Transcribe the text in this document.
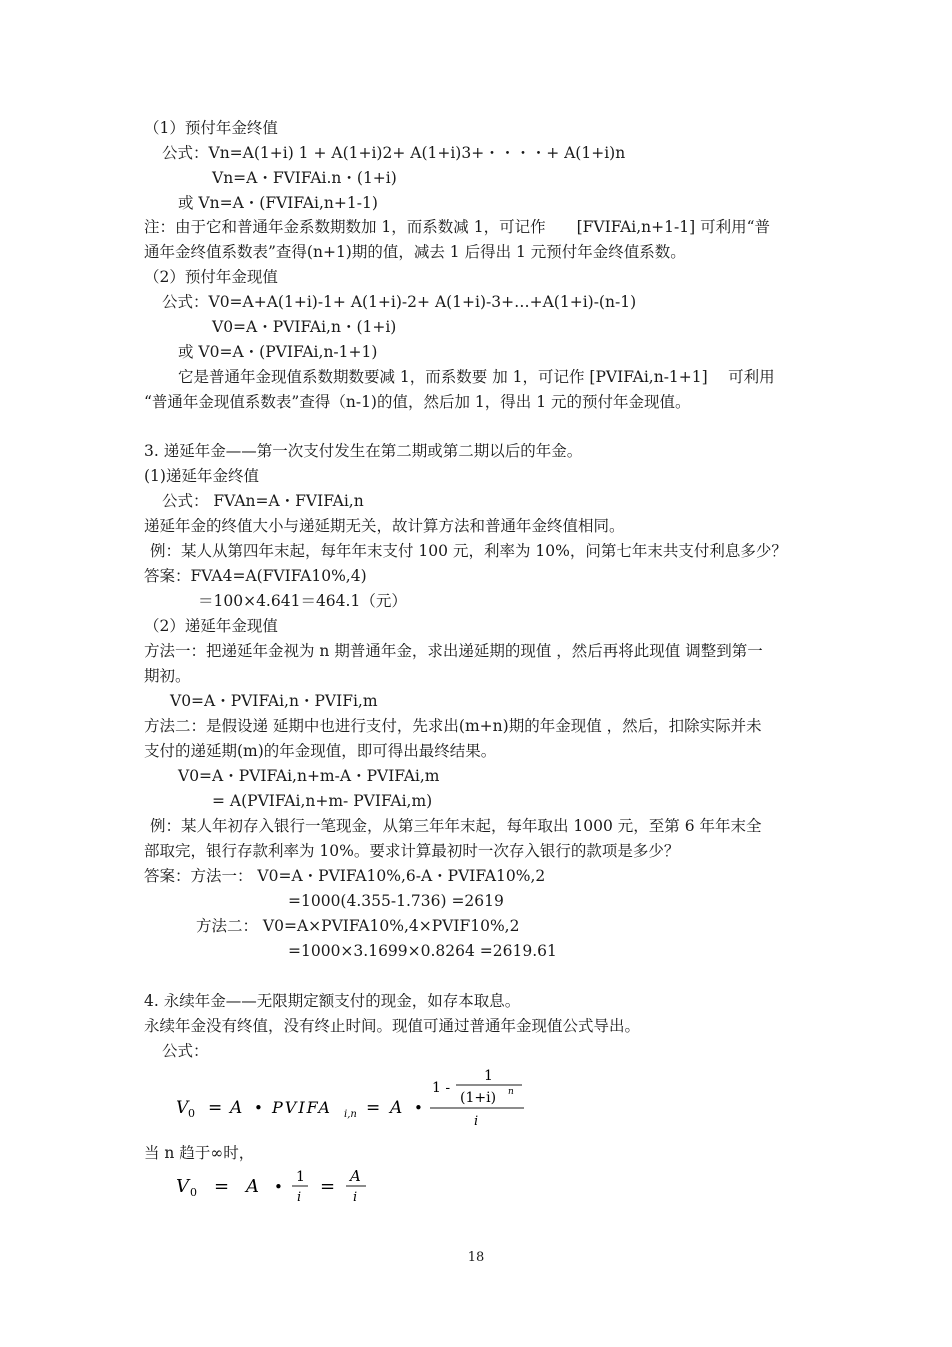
（1）预付年金终值
公式：Vn=A(1+i) 1 + A(1+i)2+ A(1+i)3+・・・・+ A(1+i)n
Vn=A・FVIFAi.n・(1+i)
或 Vn=A・(FVIFAi,n+1-1)
注：由于它和普通年金系数期数加 1，而系数减 1，可记作　　[FVIFAi,n+1-1] 可利用“普
通年金终值系数表”查得(n+1)期的值，减去 1 后得出 1 元预付年金终值系数。
（2）预付年金现值
公式：V0=A+A(1+i)-1+ A(1+i)-2+ A(1+i)-3+…+A(1+i)-(n-1)
V0=A・PVIFAi,n・(1+i)
或 V0=A・(PVIFAi,n-1+1)
它是普通年金现值系数期数要减 1，而系数要 加 1，可记作 [PVIFAi,n-1+1]　 可利用
“普通年金现值系数表”查得（n-1)的值，然后加 1，得出 1 元的预付年金现值。
3. 递延年金——第一次支付发生在第二期或第二期以后的年金。
(1)递延年金终值
公式： FVAn=A・FVIFAi,n
递延年金的终值大小与递延期无关，故计算方法和普通年金终值相同。
例：某人从第四年末起，每年年末支付 100 元，利率为 10%，问第七年末共支付利息多少？
答案：FVA4=A(FVIFA10%,4)
＝100×4.641＝464.1（元）
（2）递延年金现值
方法一：把递延年金视为 n 期普通年金，求出递延期的现值 ，然后再将此现值 调整到第一
期初。
V0=A・PVIFAi,n・PVIFi,m
方法二：是假设递 延期中也进行支付，先求出(m+n)期的年金现值 ，然后，扣除实际并未
支付的递延期(m)的年金现值，即可得出最终结果。
V0=A・PVIFAi,n+m-A・PVIFAi,m
= A(PVIFAi,n+m- PVIFAi,m)
例：某人年初存入银行一笔现金，从第三年年末起，每年取出 1000 元，至第 6 年年末全
部取完，银行存款利率为 10%。要求计算最初时一次存入银行的款项是多少？
答案：方法一： V0=A・PVIFA10%,6-A・PVIFA10%,2
=1000(4.355-1.736) =2619
方法二： V0=A×PVIFA10%,4×PVIF10%,2
=1000×3.1699×0.8264 =2619.61
4. 永续年金——无限期定额支付的现金，如存本取息。
永续年金没有终值，没有终止时间。现值可通过普通年金现值公式导出。
公式：
V 0 = A • PVIFA i,n = A •
1 -
1
(1+i) n
i
当 n 趋于∞时，
V 0 = A •
1
i
= A
i
18
